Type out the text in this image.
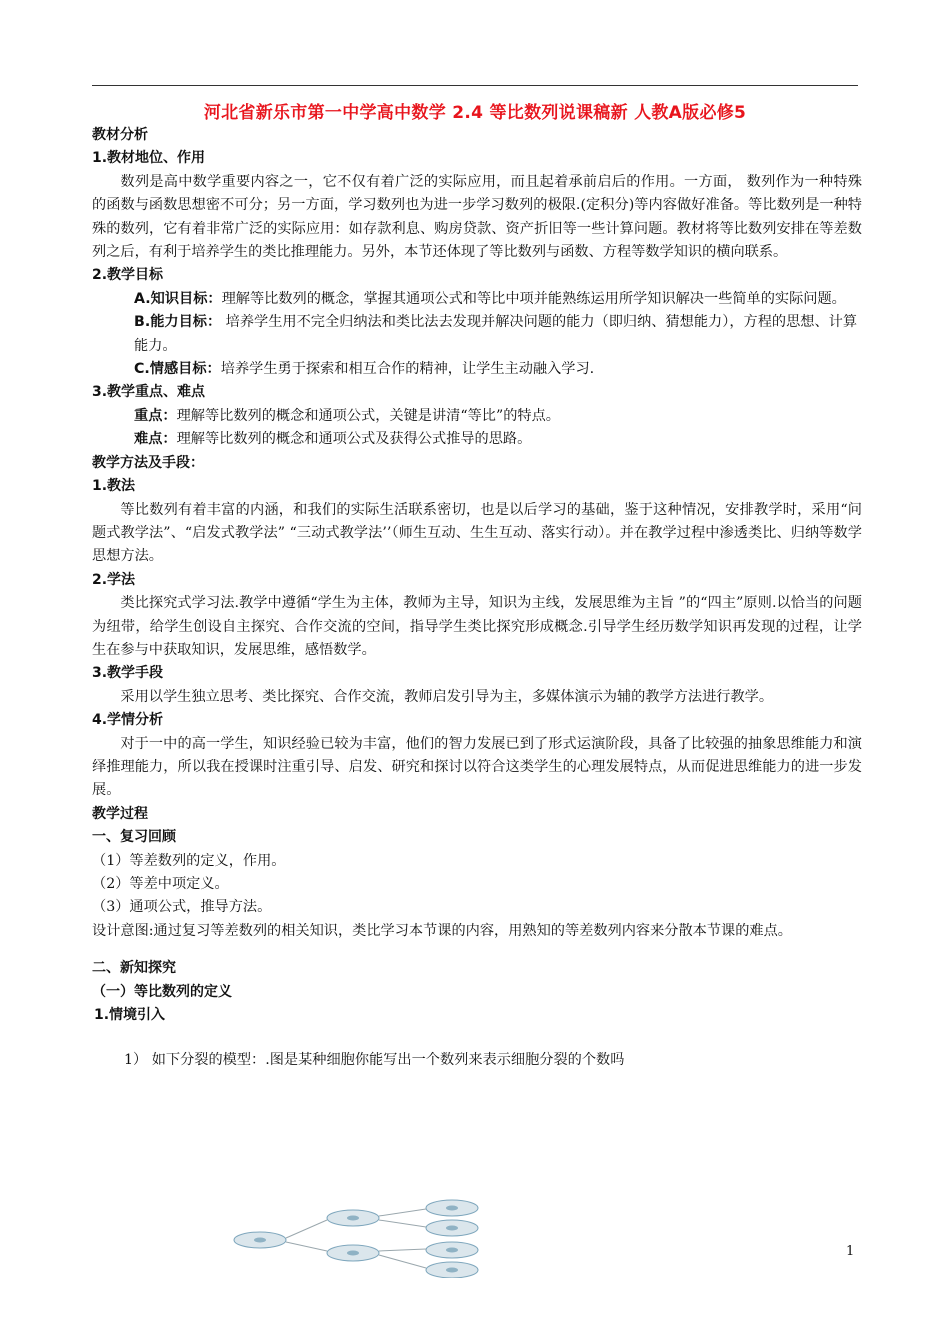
河北省新乐市第一中学高中数学 2.4 等比数列说课稿新 人教A版必修5

教材分析

1.教材地位、作用

数列是高中数学重要内容之一，它不仅有着广泛的实际应用，而且起着承前启后的作用。一方面， 数列作为一种特殊的函数与函数思想密不可分；另一方面，学习数列也为进一步学习数列的极限.(定积分)等内容做好准备。等比数列是一种特殊的数列，它有着非常广泛的实际应用：如存款利息、购房贷款、资产折旧等一些计算问题。教材将等比数列安排在等差数列之后，有利于培养学生的类比推理能力。另外，本节还体现了等比数列与函数、方程等数学知识的横向联系。

2.教学目标

A.知识目标：理解等比数列的概念，掌握其通项公式和等比中项并能熟练运用所学知识解决一些简单的实际问题。

B.能力目标： 培养学生用不完全归纳法和类比法去发现并解决问题的能力（即归纳、猜想能力），方程的思想、计算能力。

C.情感目标：培养学生勇于探索和相互合作的精神，让学生主动融入学习.

3.教学重点、难点

重点：理解等比数列的概念和通项公式，关键是讲清“等比”的特点。

难点：理解等比数列的概念和通项公式及获得公式推导的思路。

教学方法及手段：

1.教法

等比数列有着丰富的内涵，和我们的实际生活联系密切，也是以后学习的基础，鉴于这种情况，安排教学时，采用“问题式教学法”、“启发式教学法” “三动式教学法’’（师生互动、生生互动、落实行动）。并在教学过程中渗透类比、归纳等数学思想方法。

2.学法

类比探究式学习法.教学中遵循“学生为主体，教师为主导，知识为主线，发展思维为主旨 ”的“四主”原则.以恰当的问题为纽带，给学生创设自主探究、合作交流的空间，指导学生类比探究形成概念.引导学生经历数学知识再发现的过程，让学生在参与中获取知识，发展思维，感悟数学。

3.教学手段

采用以学生独立思考、类比探究、合作交流，教师启发引导为主，多媒体演示为辅的教学方法进行教学。

4.学情分析

对于一中的高一学生，知识经验已较为丰富，他们的智力发展已到了形式运演阶段，具备了比较强的抽象思维能力和演绎推理能力，所以我在授课时注重引导、启发、研究和探讨以符合这类学生的心理发展特点，从而促进思维能力的进一步发展。

教学过程

一、复习回顾

（1）等差数列的定义，作用。

（2）等差中项定义。

（3）通项公式，推导方法。

设计意图:通过复习等差数列的相关知识，类比学习本节课的内容，用熟知的等差数列内容来分散本节课的难点。

二、新知探究

（一）等比数列的定义

1.情境引入

1） 如下分裂的模型：.图是某种细胞你能写出一个数列来表示细胞分裂的个数吗

1
